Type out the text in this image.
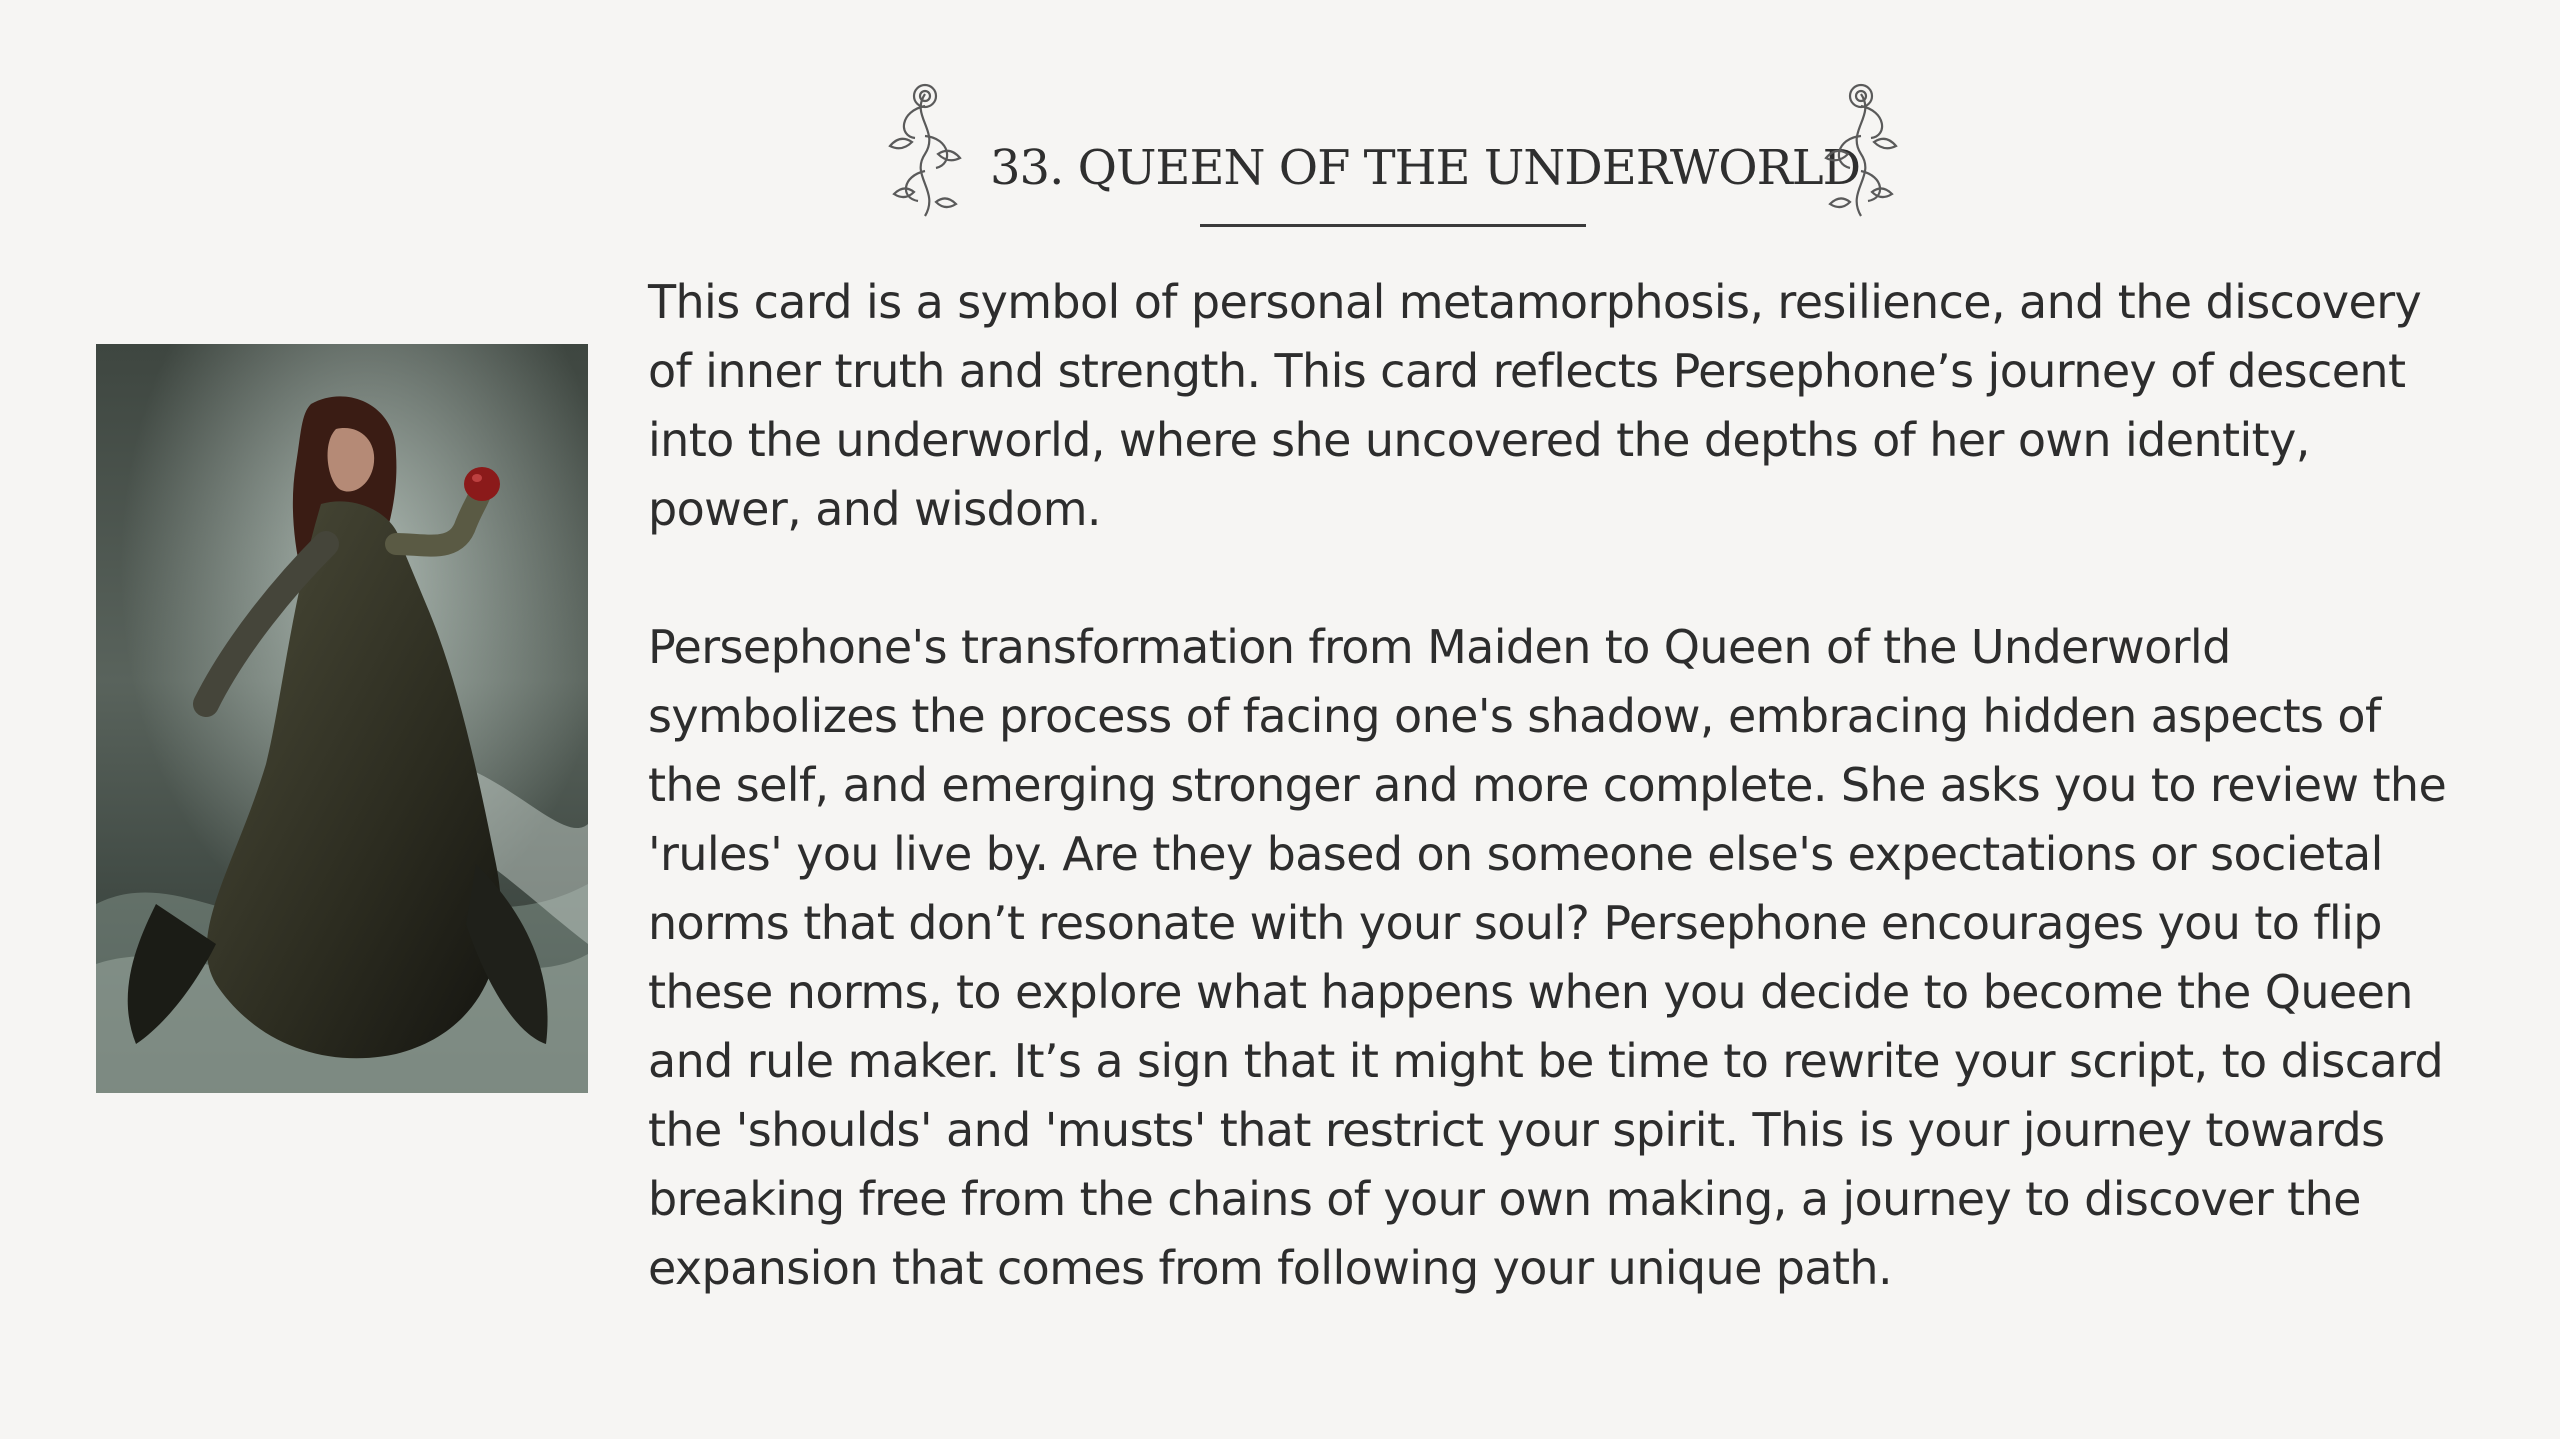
33. QUEEN OF THE UNDERWORLD

This card is a symbol of personal metamorphosis, resilience, and the discovery of inner truth and strength. This card reflects Persephone’s journey of descent into the underworld, where she uncovered the depths of her own identity, power, and wisdom.

Persephone's transformation from Maiden to Queen of the Underworld symbolizes the process of facing one's shadow, embracing hidden aspects of the self, and emerging stronger and more complete. She asks you to review the 'rules' you live by. Are they based on someone else's expectations or societal norms that don’t resonate with your soul? Persephone encourages you to flip these norms, to explore what happens when you decide to become the Queen and rule maker. It’s a sign that it might be time to rewrite your script, to discard the 'shoulds' and 'musts' that restrict your spirit. This is your journey towards breaking free from the chains of your own making, a journey to discover the expansion that comes from following your unique path.
